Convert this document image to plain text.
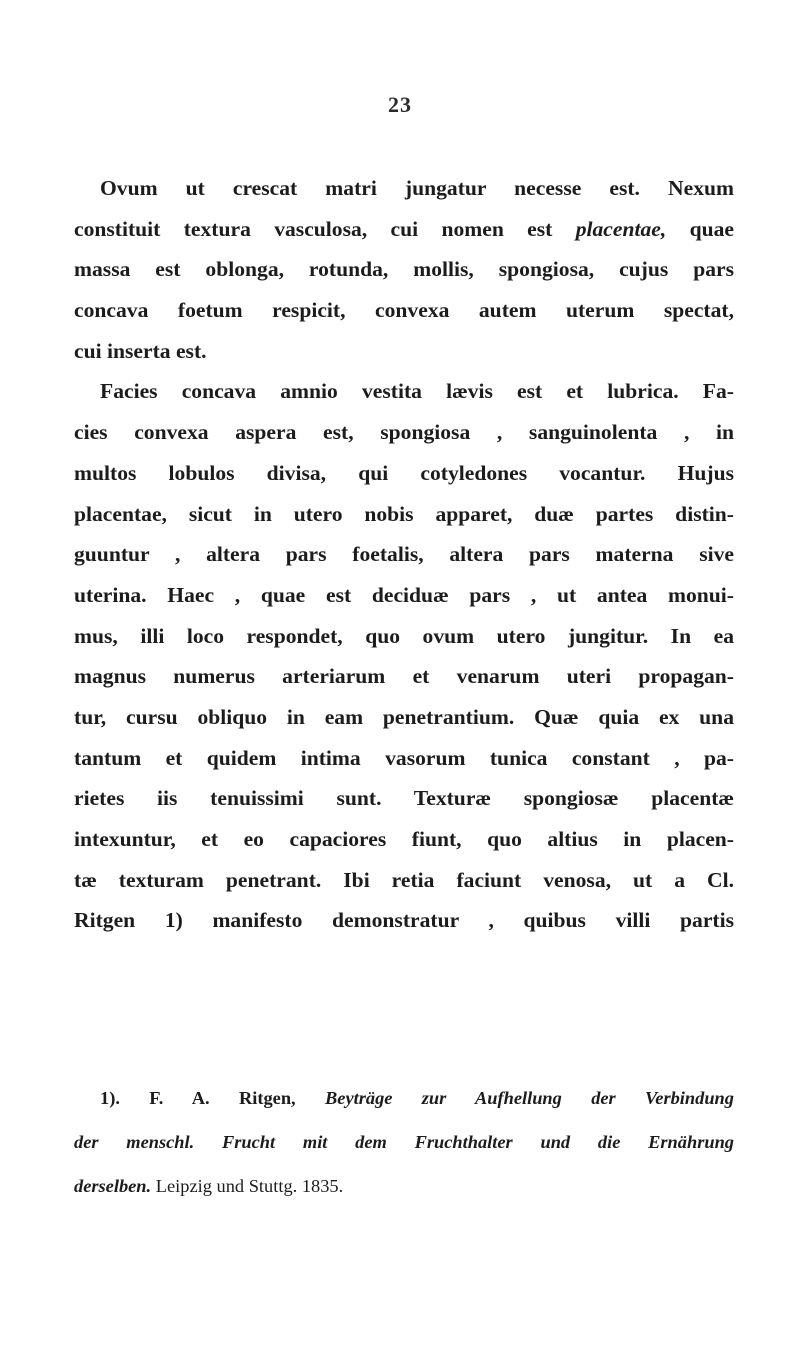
23
Ovum ut crescat matri jungatur necesse est. Nexum
constituit textura vasculosa, cui nomen est placentae, quae
massa est oblonga, rotunda, mollis, spongiosa, cujus pars
concava foetum respicit, convexa autem uterum spectat,
cui inserta est.
Facies concava amnio vestita lævis est et lubrica. Fa-
cies convexa aspera est, spongiosa , sanguinolenta , in
multos lobulos divisa, qui cotyledones vocantur. Hujus
placentae, sicut in utero nobis apparet, duæ partes distin-
guuntur , altera pars foetalis, altera pars materna sive
uterina. Haec , quae est deciduæ pars , ut antea monui-
mus, illi loco respondet, quo ovum utero jungitur. In ea
magnus numerus arteriarum et venarum uteri propagan-
tur, cursu obliquo in eam penetrantium. Quæ quia ex una
tantum et quidem intima vasorum tunica constant , pa-
rietes iis tenuissimi sunt. Texturæ spongiosæ placentæ
intexuntur, et eo capaciores fiunt, quo altius in placen-
tæ texturam penetrant. Ibi retia faciunt venosa, ut a Cl.
Ritgen 1) manifesto demonstratur , quibus villi partis
1). F. A. Ritgen, Beyträge zur Aufhellung der Verbindung
der menschl. Frucht mit dem Fruchthalter und die Ernährung
derselben. Leipzig und Stuttg. 1835.
